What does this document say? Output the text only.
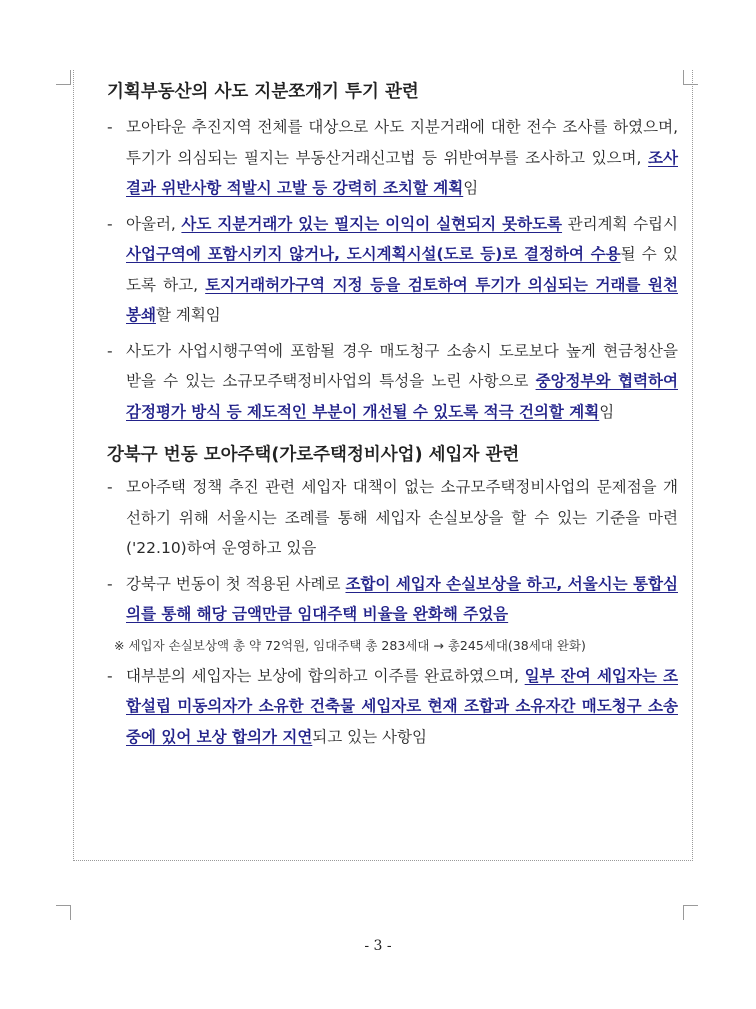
기획부동산의 사도 지분쪼개기 투기 관련
- 모아타운 추진지역 전체를 대상으로 사도 지분거래에 대한 전수 조사를 하였으며, 투기가 의심되는 필지는 부동산거래신고법 등 위반여부를 조사하고 있으며, 조사결과 위반사항 적발시 고발 등 강력히 조치할 계획임
- 아울러, 사도 지분거래가 있는 필지는 이익이 실현되지 못하도록 관리계획 수립시 사업구역에 포함시키지 않거나, 도시계획시설(도로 등)로 결정하여 수용될 수 있도록 하고, 토지거래허가구역 지정 등을 검토하여 투기가 의심되는 거래를 원천 봉쇄할 계획임
- 사도가 사업시행구역에 포함될 경우 매도청구 소송시 도로보다 높게 현금청산을 받을 수 있는 소규모주택정비사업의 특성을 노린 사항으로 중앙정부와 협력하여 감정평가 방식 등 제도적인 부분이 개선될 수 있도록 적극 건의할 계획임
강북구 번동 모아주택(가로주택정비사업) 세입자 관련
- 모아주택 정책 추진 관련 세입자 대책이 없는 소규모주택정비사업의 문제점을 개선하기 위해 서울시는 조례를 통해 세입자 손실보상을 할 수 있는 기준을 마련('22.10)하여 운영하고 있음
- 강북구 번동이 첫 적용된 사례로 조합이 세입자 손실보상을 하고, 서울시는 통합심의를 통해 해당 금액만큼 임대주택 비율을 완화해 주었음
※ 세입자 손실보상액 총 약 72억원, 임대주택 총 283세대 → 총245세대(38세대 완화)
- 대부분의 세입자는 보상에 합의하고 이주를 완료하였으며, 일부 잔여 세입자는 조합설립 미동의자가 소유한 건축물 세입자로 현재 조합과 소유자간 매도청구 소송 중에 있어 보상 합의가 지연되고 있는 사항임
- 3 -
